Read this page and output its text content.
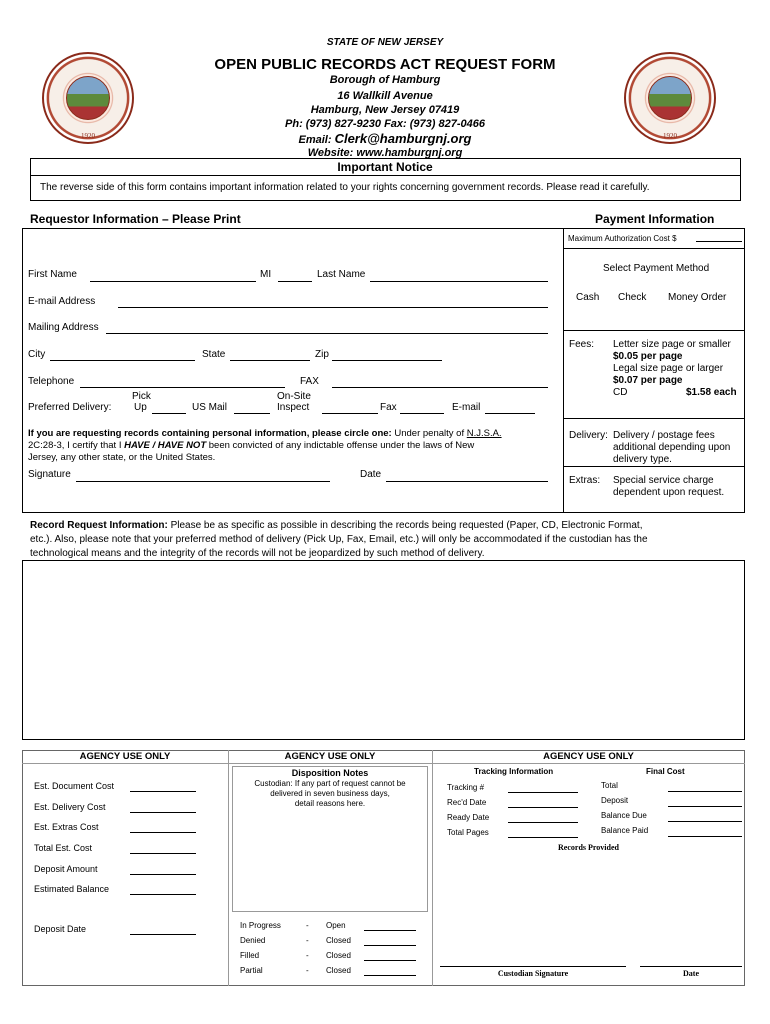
1920	1920
STATE OF NEW JERSEY
OPEN PUBLIC RECORDS ACT REQUEST FORM
Borough of Hamburg
16 Wallkill Avenue
Hamburg, New Jersey 07419
Ph: (973) 827-9230 Fax: (973) 827-0466
Email: Clerk@hamburgnj.org
Website: www.hamburgnj.org
Important Notice
The reverse side of this form contains important information related to your rights concerning government records. Please read it carefully.
Requestor Information – Please Print	Payment Information
First Name	MI	Last Name
E-mail Address
Mailing Address
City	State	Zip
Telephone	FAX
Preferred Delivery:
Pick
Up	US Mail
On-Site
Inspect	Fax	E-mail
If you are requesting records containing personal information, please circle one: Under penalty of N.J.S.A.
2C:28-3, I certify that I HAVE / HAVE NOT been convicted of any indictable offense under the laws of New
Jersey, any other state, or the United States.
Signature	Date
Maximum Authorization Cost $
Select Payment Method
Cash Check Money Order
Fees: Letter size page or smaller
$0.05 per page
Legal size page or larger
$0.07 per page
CD	$1.58 each
Delivery: Delivery / postage fees
additional depending upon
delivery type.
Extras: Special service charge
dependent upon request.
Record Request Information: Please be as specific as possible in describing the records being requested (Paper, CD, Electronic Format,
etc.). Also, please note that your preferred method of delivery (Pick Up, Fax, Email, etc.) will only be accommodated if the custodian has the
technological means and the integrity of the records will not be jeopardized by such method of delivery.
AGENCY USE ONLY	AGENCY USE ONLY	AGENCY USE ONLY
Est. Document Cost
Est. Delivery Cost
Est. Extras Cost
Total Est. Cost
Deposit Amount
Estimated Balance
Deposit Date
Disposition Notes
Custodian: If any part of request cannot be
delivered in seven business days,
detail reasons here.
In Progress	- Open
Denied	- Closed
Filled	- Closed
Partial	- Closed
Tracking Information	Final Cost
Tracking #
Rec'd Date
Ready Date
Total Pages
Total
Deposit
Balance Due
Balance Paid
Records Provided
Custodian Signature	Date
